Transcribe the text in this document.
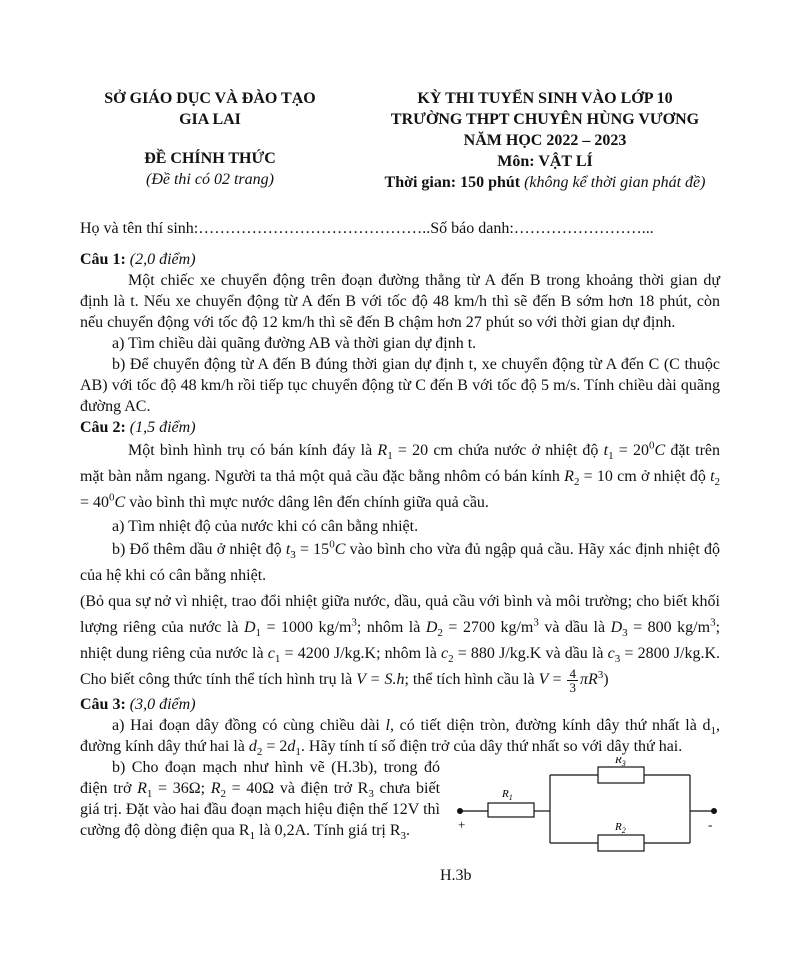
SỞ GIÁO DỤC VÀ ĐÀO TẠO
GIA LAI
ĐỀ CHÍNH THỨC
(Đề thi có 02 trang)
KỲ THI TUYỂN SINH VÀO LỚP 10
TRƯỜNG THPT CHUYÊN HÙNG VƯƠNG
NĂM HỌC 2022 – 2023
Môn: VẬT LÍ
Thời gian: 150 phút (không kể thời gian phát đề)

Họ và tên thí sinh:……………………………………..Số báo danh:……………………...

Câu 1: (2,0 điểm)

Một chiếc xe chuyển động trên đoạn đường thẳng từ A đến B trong khoảng thời gian dự định là t. Nếu xe chuyển động từ A đến B với tốc độ 48 km/h thì sẽ đến B sớm hơn 18 phút, còn nếu chuyển động với tốc độ 12 km/h thì sẽ đến B chậm hơn 27 phút so với thời gian dự định.

a) Tìm chiều dài quãng đường AB và thời gian dự định t.

b) Để chuyển động từ A đến B đúng thời gian dự định t, xe chuyển động từ A đến C (C thuộc AB) với tốc độ 48 km/h rồi tiếp tục chuyển động từ C đến B với tốc độ 5 m/s. Tính chiều dài quãng đường AC.

Câu 2: (1,5 điểm)

Một bình hình trụ có bán kính đáy là $R_1 = 20$ cm chứa nước ở nhiệt độ $t_1 = 20^0C$ đặt trên mặt bàn nằm ngang. Người ta thả một quả cầu đặc bằng nhôm có bán kính $R_2 = 10$ cm ở nhiệt độ $t_2 = 40^0C$ vào bình thì mực nước dâng lên đến chính giữa quả cầu.

a) Tìm nhiệt độ của nước khi có cân bằng nhiệt.

b) Đổ thêm dầu ở nhiệt độ $t_3 = 15^0C$ vào bình cho vừa đủ ngập quả cầu. Hãy xác định nhiệt độ của hệ khi có cân bằng nhiệt.

(Bỏ qua sự nở vì nhiệt, trao đổi nhiệt giữa nước, dầu, quả cầu với bình và môi trường; cho biết khối lượng riêng của nước là $D_1 = 1000$ $kg/m^3$; nhôm là $D_2 = 2700$ $kg/m^3$ và dầu là $D_3 = 800$ $kg/m^3$; nhiệt dung riêng của nước là $c_1 = 4200$ J/kg.K; nhôm là $c_2 = 880$ J/kg.K và dầu là $c_3 = 2800$ J/kg.K. Cho biết công thức tính thể tích hình trụ là V = S.h; thể tích hình cầu là $V = \frac{4}{3} \pi R^3$)

Câu 3: (3,0 điểm)

a) Hai đoạn dây đồng có cùng chiều dài l, có tiết diện tròn, đường kính dây thứ nhất là $d_1$, đường kính dây thứ hai là $d_2 = 2d_1$. Hãy tính tí số điện trở của dây thứ nhất so với dây thứ hai.

b) Cho đoạn mạch như hình vẽ (H.3b), trong đó điện trở $R_1 = 36\Omega$; $R_2 = 40\Omega$ và điện trở $R_3$ chưa biết giá trị. Đặt vào hai đầu đoạn mạch hiệu điện thế 12V thì cường độ dòng điện qua $R_1$ là 0,2A. Tính giá trị $R_3$.	+	-
$R_1$
$R_3$
$R_2$
H.3b
